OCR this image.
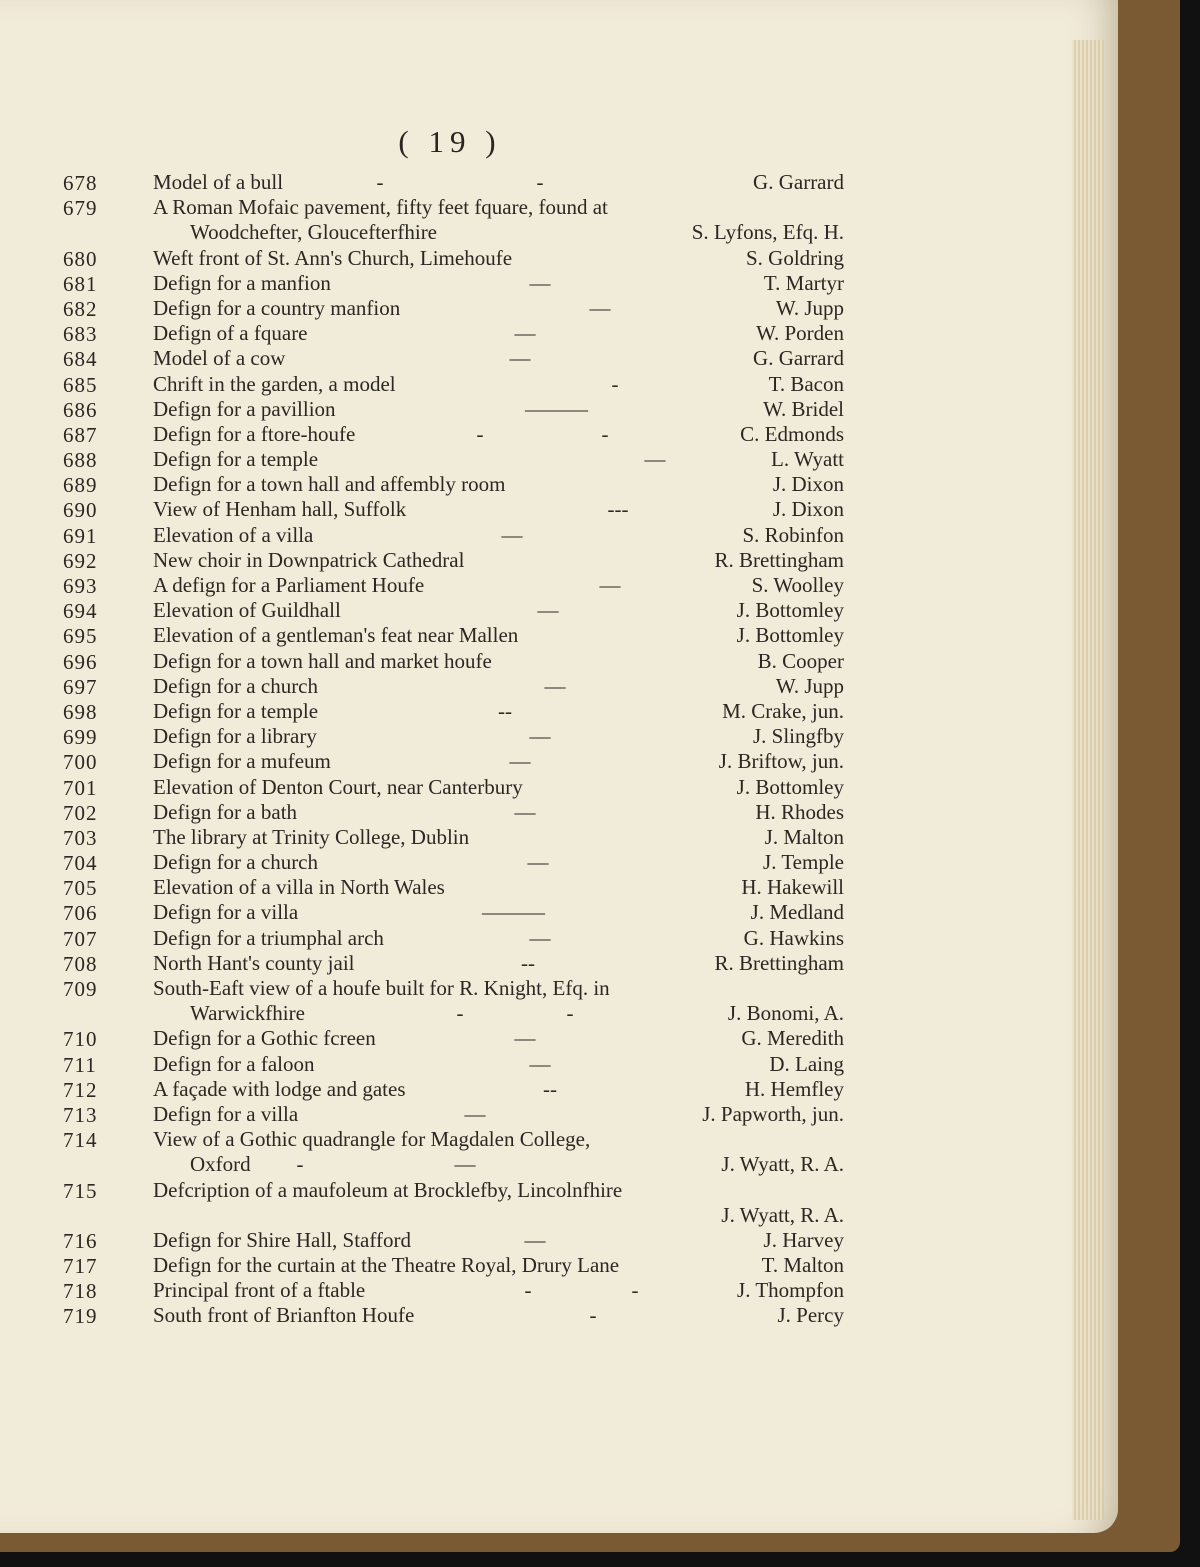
( 19 )
678	Model of a bull	-	-	G. Garrard
679	A Roman Mofaic pavement, fifty feet fquare, found at
Woodchefter, Gloucefterfhire	S. Lyfons, Efq. H.
680	Weft front of St. Ann's Church, Limehoufe	S. Goldring
681	Defign for a manfion	—	T. Martyr
682	Defign for a country manfion	—	W. Jupp
683	Defign of a fquare	—	W. Porden
684	Model of a cow	—	G. Garrard
685	Chrift in the garden, a model	-	T. Bacon
686	Defign for a pavillion	———	W. Bridel
687	Defign for a ftore-houfe	-	-	C. Edmonds
688	Defign for a temple	—	L. Wyatt
689	Defign for a town hall and affembly room	J. Dixon
690	View of Henham hall, Suffolk	---	J. Dixon
691	Elevation of a villa	—	S. Robinfon
692	New choir in Downpatrick Cathedral	R. Brettingham
693	A defign for a Parliament Houfe	—	S. Woolley
694	Elevation of Guildhall	—	J. Bottomley
695	Elevation of a gentleman's feat near Mallen	J. Bottomley
696	Defign for a town hall and market houfe	B. Cooper
697	Defign for a church	—	W. Jupp
698	Defign for a temple	--	M. Crake, jun.
699	Defign for a library	—	J. Slingfby
700	Defign for a mufeum	—	J. Briftow, jun.
701	Elevation of Denton Court, near Canterbury	J. Bottomley
702	Defign for a bath	—	H. Rhodes
703	The library at Trinity College, Dublin	J. Malton
704	Defign for a church	—	J. Temple
705	Elevation of a villa in North Wales	H. Hakewill
706	Defign for a villa	———	J. Medland
707	Defign for a triumphal arch	—	G. Hawkins
708	North Hant's county jail	--	R. Brettingham
709	South-Eaft view of a houfe built for R. Knight, Efq. in
Warwickfhire	-	-	J. Bonomi, A.
710	Defign for a Gothic fcreen	—	G. Meredith
711	Defign for a faloon	—	D. Laing
712	A façade with lodge and gates	--	H. Hemfley
713	Defign for a villa	—	J. Papworth, jun.
714	View of a Gothic quadrangle for Magdalen College,
Oxford	-	—	J. Wyatt, R. A.
715	Defcription of a maufoleum at Brocklefby, Lincolnfhire
J. Wyatt, R. A.
716	Defign for Shire Hall, Stafford	—	J. Harvey
717	Defign for the curtain at the Theatre Royal, Drury Lane	T. Malton
718	Principal front of a ftable	-	-	J. Thompfon
719	South front of Brianfton Houfe	-	J. Percy
